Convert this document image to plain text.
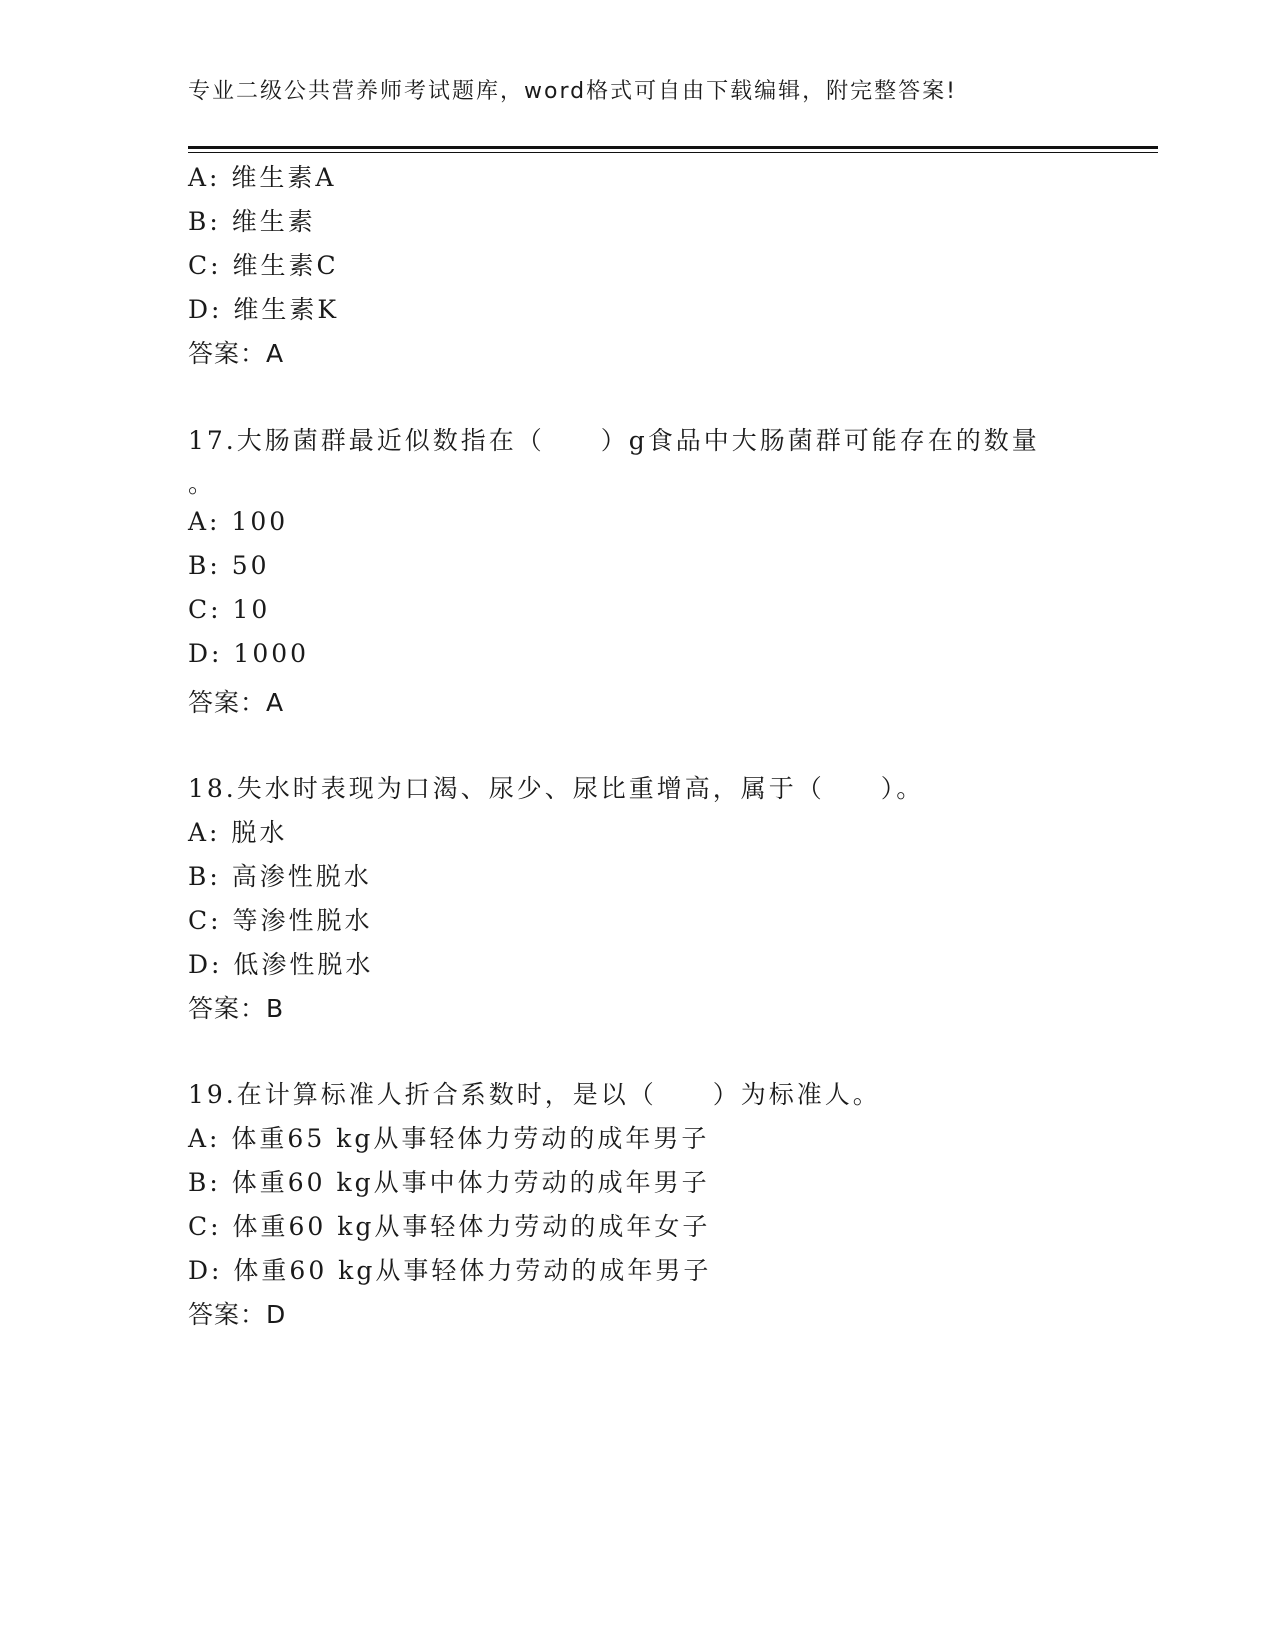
专业二级公共营养师考试题库，word格式可自由下载编辑，附完整答案!
A: 维生素A
B: 维生素
C: 维生素C
D: 维生素K
答案：A
17.大肠菌群最近似数指在（　　）g食品中大肠菌群可能存在的数量
。
A: 100
B: 50
C: 10
D: 1000
答案：A
18.失水时表现为口渴、尿少、尿比重增高，属于（　　）。
A: 脱水
B: 高渗性脱水
C: 等渗性脱水
D: 低渗性脱水
答案：B
19.在计算标准人折合系数时，是以（　　）为标准人。
A: 体重65 kg从事轻体力劳动的成年男子
B: 体重60 kg从事中体力劳动的成年男子
C: 体重60 kg从事轻体力劳动的成年女子
D: 体重60 kg从事轻体力劳动的成年男子
答案：D
